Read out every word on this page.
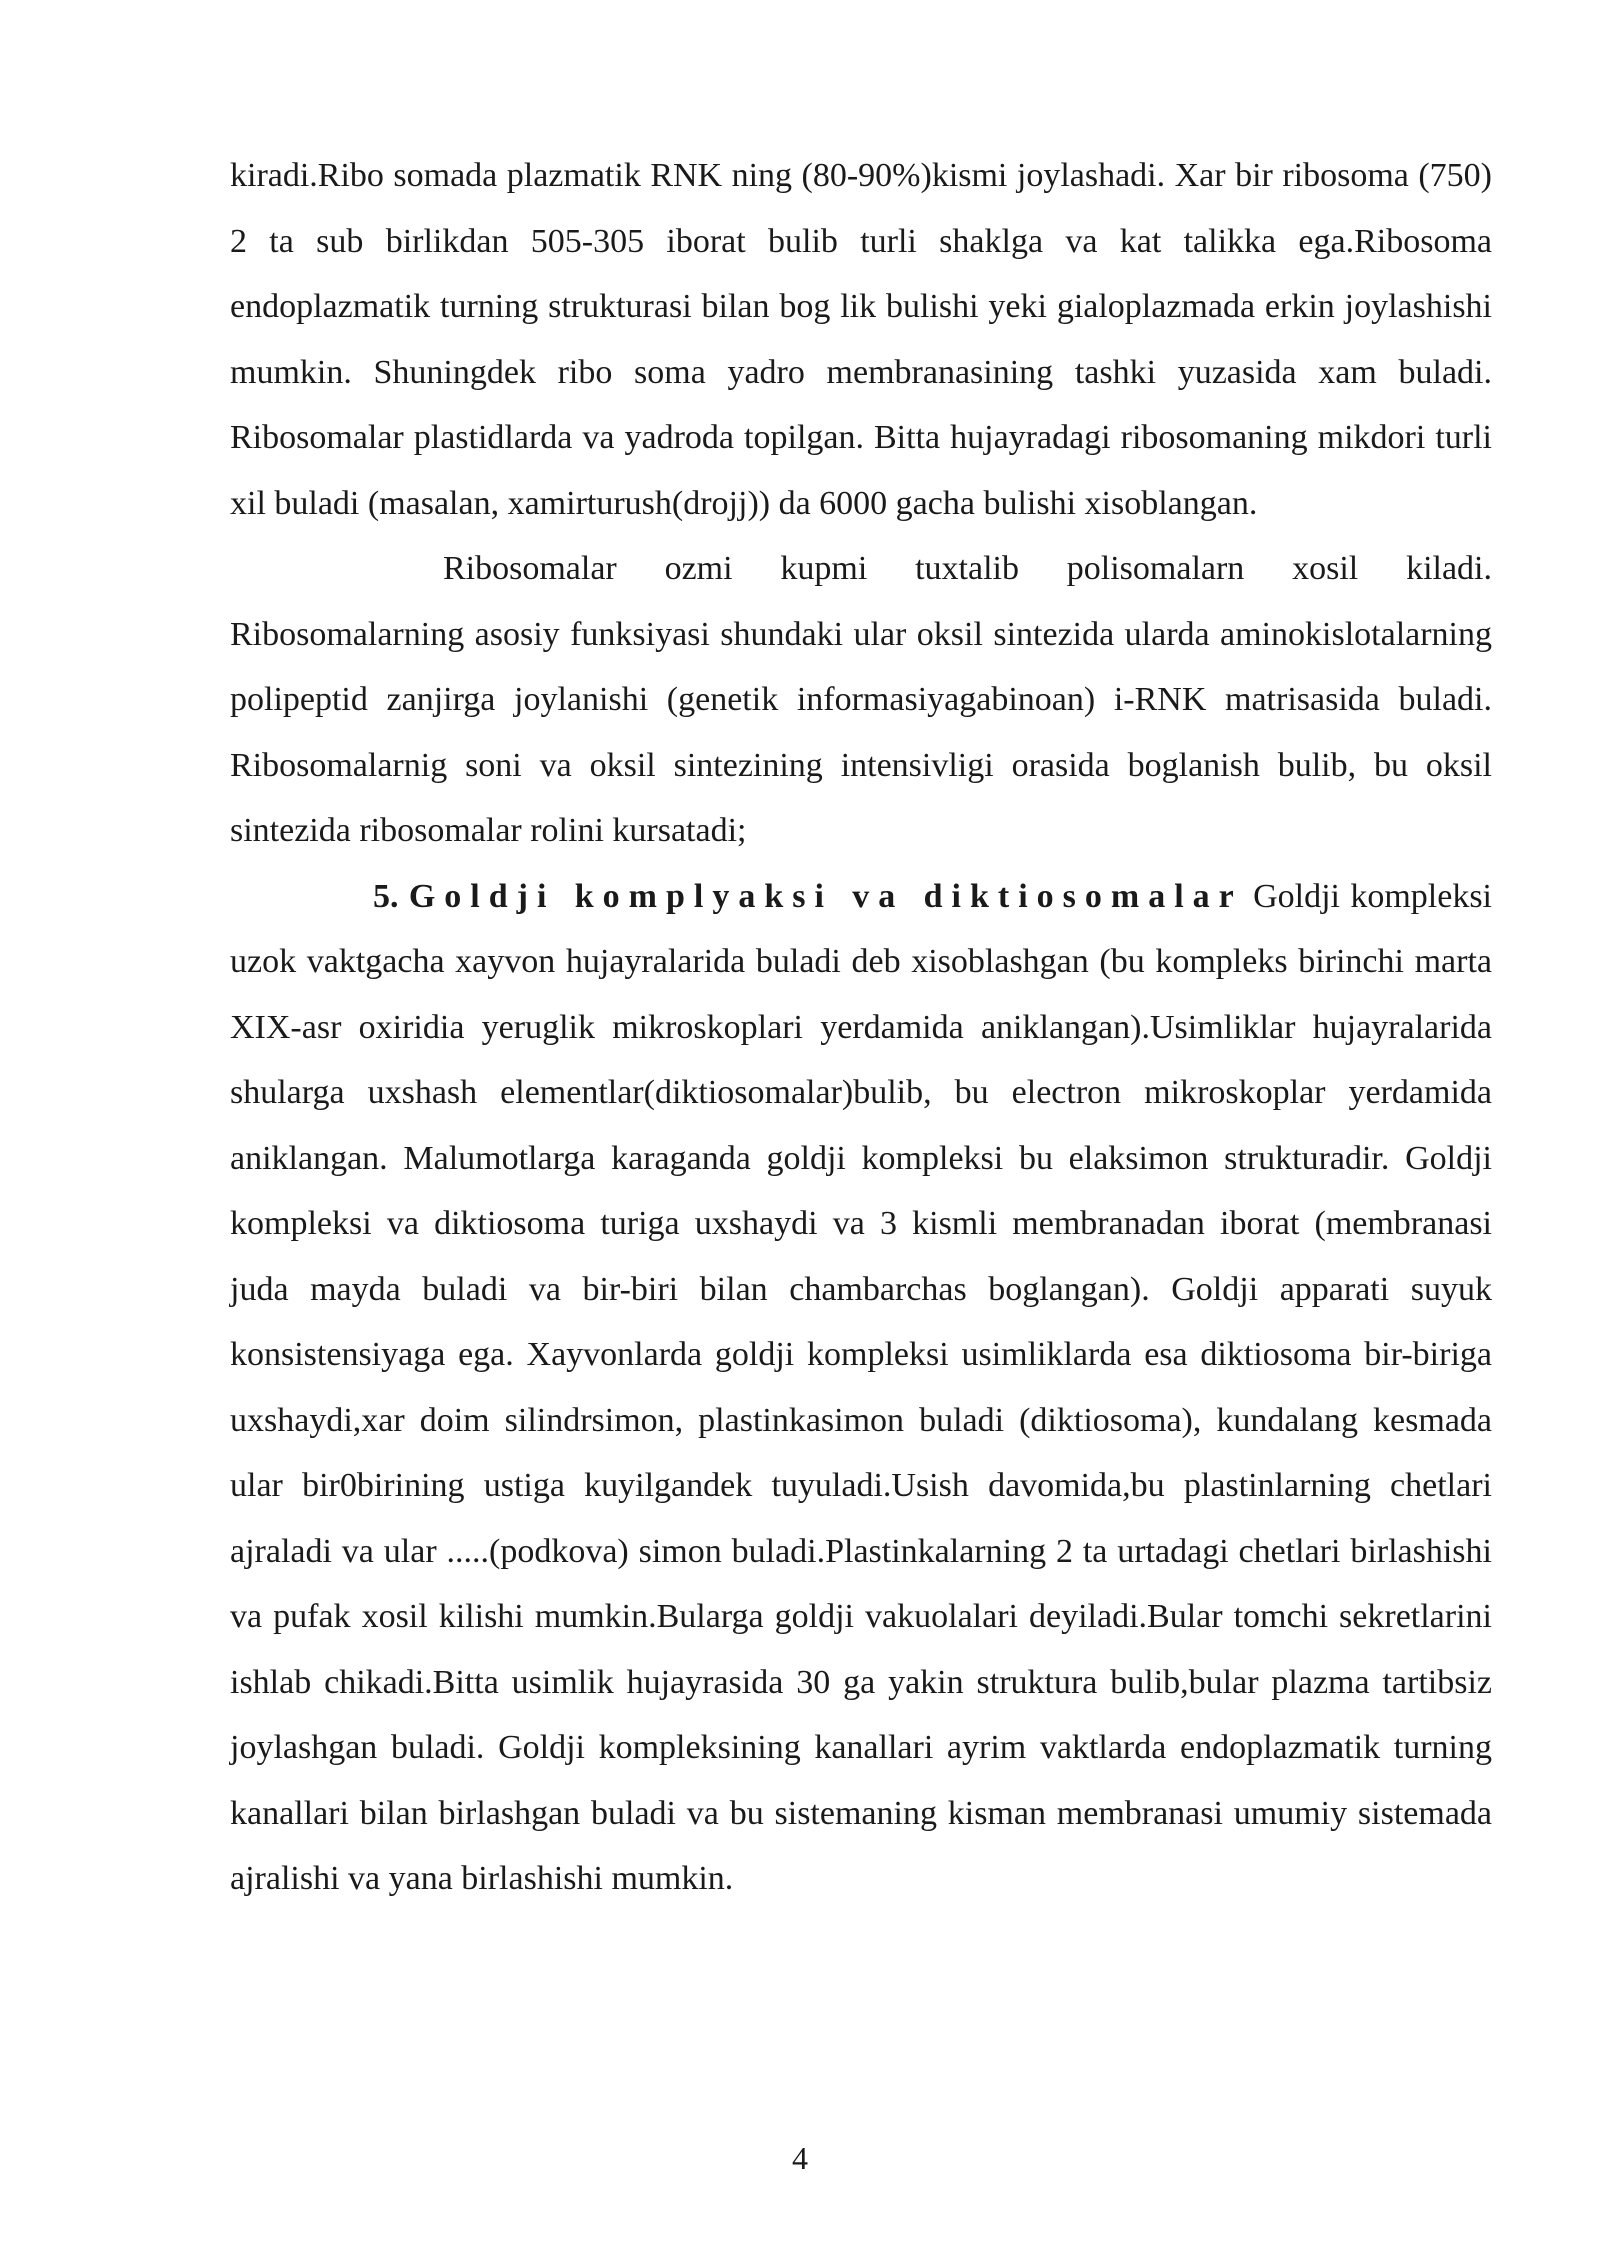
kiradi.Ribo somada plazmatik RNK ning (80-90%)kismi joylashadi. Xar bir ribosoma (750) 2 ta sub birlikdan 505-305 iborat bulib turli shaklga va kat talikka ega.Ribosoma endoplazmatik turning strukturasi bilan bog lik bulishi yeki gialoplazmada erkin joylashishi mumkin. Shuningdek ribo soma yadro membranasining tashki yuzasida xam buladi. Ribosomalar plastidlarda va yadroda topilgan. Bitta hujayradagi ribosomaning mikdori turli xil buladi (masalan, xamirturush(drojj)) da 6000 gacha bulishi xisoblangan.

Ribosomalar ozmi kupmi tuxtalib polisomalarn xosil kiladi. Ribosomalarning asosiy funksiyasi shundaki ular oksil sintezida ularda aminokislotalarning polipeptid zanjirga joylanishi (genetik informasiyagabinoan) i-RNK matrisasida buladi. Ribosomalarnig soni va oksil sintezining intensivligi orasida boglanish bulib, bu oksil sintezida ribosomalar rolini kursatadi;

5. Goldji komplyaksi va diktiosomalar Goldji kompleksi uzok vaktgacha xayvon hujayralarida buladi deb xisoblashgan (bu kompleks birinchi marta XIX-asr oxiridia yeruglik mikroskoplari yerdamida aniklangan).Usimliklar hujayralarida shularga uxshash elementlar(diktiosomalar)bulib, bu electron mikroskoplar yerdamida aniklangan. Malumotlarga karaganda goldji kompleksi bu elaksimon strukturadir. Goldji kompleksi va diktiosoma turiga uxshaydi va 3 kismli membranadan iborat (membranasi juda mayda buladi va bir-biri bilan chambarchas boglangan). Goldji apparati suyuk konsistensiyaga ega. Xayvonlarda goldji kompleksi usimliklarda esa diktiosoma bir-biriga uxshaydi,xar doim silindrsimon, plastinkasimon buladi (diktiosoma), kundalang kesmada ular bir0birining ustiga kuyilgandek tuyuladi.Usish davomida,bu plastinlarning chetlari ajraladi va ular .....(podkova) simon buladi.Plastinkalarning 2 ta urtadagi chetlari birlashishi va pufak xosil kilishi mumkin.Bularga goldji vakuolalari deyiladi.Bular tomchi sekretlarini ishlab chikadi.Bitta usimlik hujayrasida 30 ga yakin struktura bulib,bular plazma tartibsiz joylashgan buladi. Goldji kompleksining kanallari ayrim vaktlarda endoplazmatik turning kanallari bilan birlashgan buladi va bu sistemaning kisman membranasi umumiy sistemada ajralishi va yana birlashishi mumkin.

4
